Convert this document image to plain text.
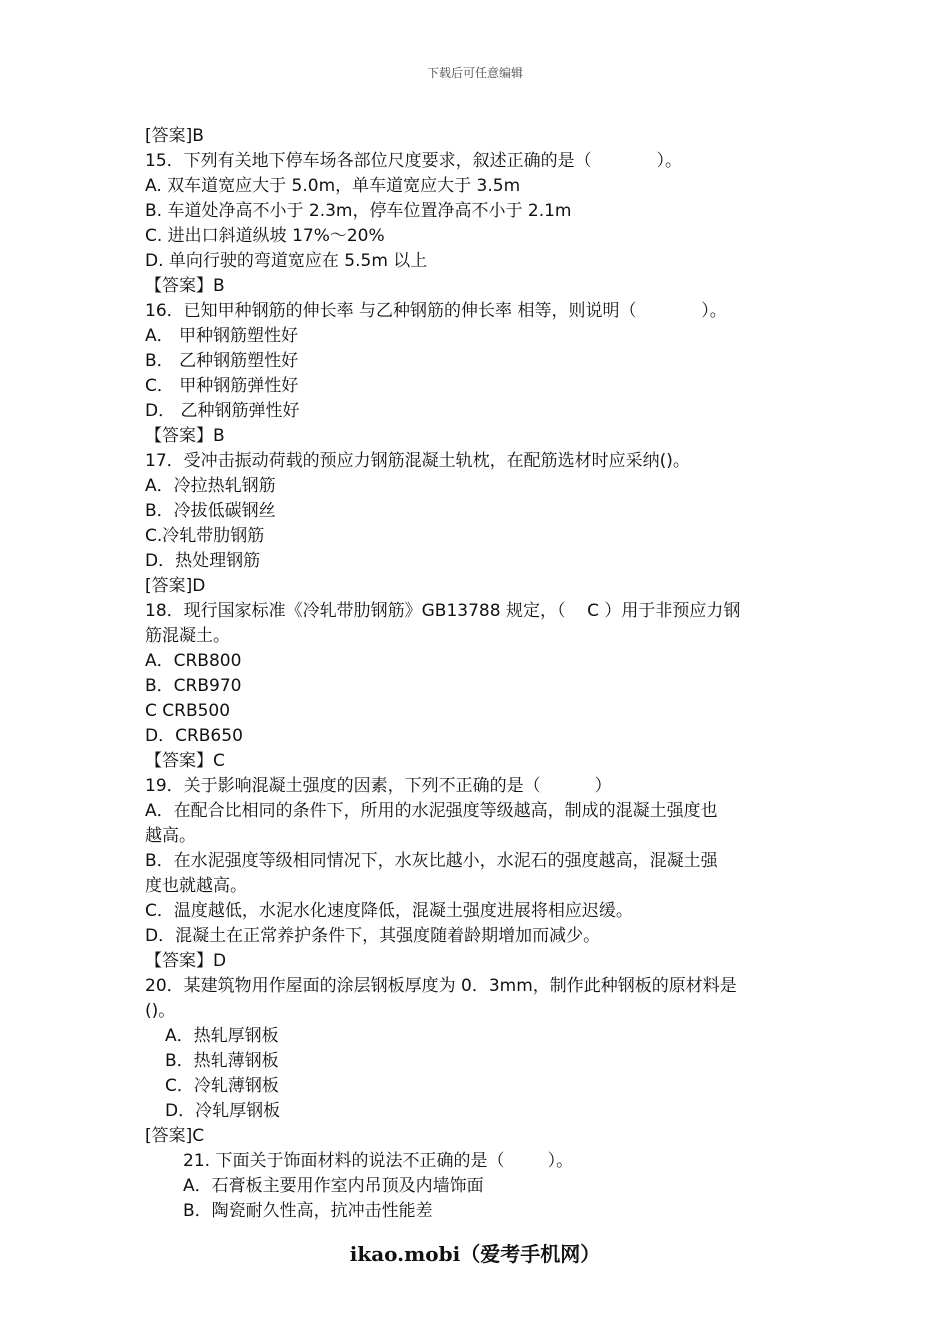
下载后可任意编辑
[答案]B
15．下列有关地下停车场各部位尺度要求，叙述正确的是（            ）。
A. 双车道宽应大于 5.0m，单车道宽应大于 3.5m
B. 车道处净高不小于 2.3m，停车位置净高不小于 2.1m
C. 进出口斜道纵坡 17%～20%
D. 单向行驶的弯道宽应在 5.5m 以上
【答案】B
16．已知甲种钢筋的伸长率 与乙种钢筋的伸长率 相等，则说明（            ）。
A． 甲种钢筋塑性好
B． 乙种钢筋塑性好
C． 甲种钢筋弹性好
D． 乙种钢筋弹性好
【答案】B
17．受冲击振动荷载的预应力钢筋混凝土轨枕，在配筋选材时应采纳()。
A．冷拉热轧钢筋
B．冷拔低碳钢丝
C.冷轧带肋钢筋
D．热处理钢筋
[答案]D
18．现行国家标准《冷轧带肋钢筋》GB13788 规定，（    C ）用于非预应力钢
筋混凝土。
A．CRB800
B．CRB970
C CRB500
D．CRB650
【答案】C
19．关于影响混凝土强度的因素，下列不正确的是（          ）
A．在配合比相同的条件下，所用的水泥强度等级越高，制成的混凝土强度也
越高。
B．在水泥强度等级相同情况下，水灰比越小，水泥石的强度越高，混凝土强
度也就越高。
C．温度越低，水泥水化速度降低，混凝土强度进展将相应迟缓。
D．混凝土在正常养护条件下，其强度随着龄期增加而减少。
【答案】D
20．某建筑物用作屋面的涂层钢板厚度为 0．3mm，制作此种钢板的原材料是
()。
A．热轧厚钢板
B．热轧薄钢板
C．冷轧薄钢板
D．冷轧厚钢板
[答案]C
21. 下面关于饰面材料的说法不正确的是（        ）。
A．石膏板主要用作室内吊顶及内墙饰面
B．陶瓷耐久性高，抗冲击性能差
ikao.mobi（爱考手机网）
